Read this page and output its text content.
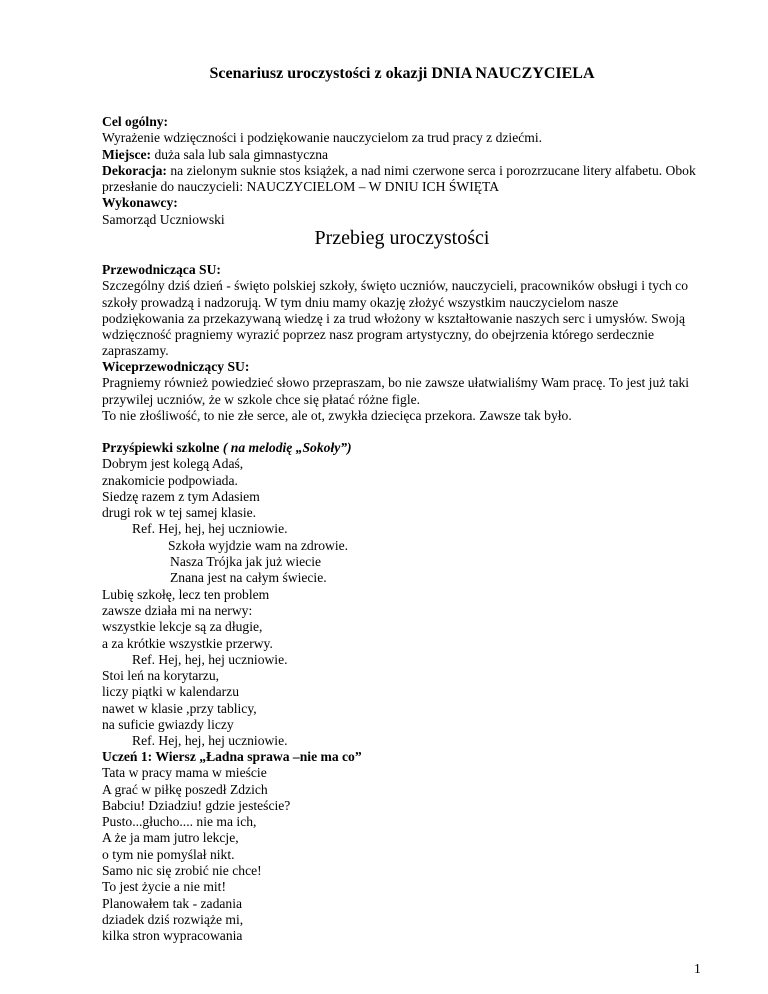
Scenariusz uroczystości z okazji DNIA NAUCZYCIELA
Cel ogólny:
Wyrażenie wdzięczności i podziękowanie nauczycielom za trud pracy z dziećmi.
Miejsce: duża sala lub sala gimnastyczna
Dekoracja: na zielonym suknie stos książek, a nad nimi czerwone serca i porozrzucane litery alfabetu. Obok
przesłanie do nauczycieli: NAUCZYCIELOM – W DNIU ICH ŚWIĘTA
Wykonawcy:
Samorząd Uczniowski
Przebieg uroczystości
Przewodnicząca SU:
Szczególny dziś dzień - święto polskiej szkoły, święto uczniów, nauczycieli, pracowników obsługi i tych co
szkoły prowadzą i nadzorują. W tym dniu mamy okazję złożyć wszystkim nauczycielom nasze
podziękowania za przekazywaną wiedzę i za trud włożony w kształtowanie naszych serc i umysłów. Swoją
wdzięczność pragniemy wyrazić poprzez nasz program artystyczny, do obejrzenia którego serdecznie
zapraszamy.
Wiceprzewodniczący SU:
Pragniemy również powiedzieć słowo przepraszam, bo nie zawsze ułatwialiśmy Wam pracę. To jest już taki
przywilej uczniów, że w szkole chce się płatać różne figle.
To nie złośliwość, to nie złe serce, ale ot, zwykła dziecięca przekora. Zawsze tak było.
Przyśpiewki szkolne ( na melodię „Sokoły”)
Dobrym jest kolegą Adaś,
znakomicie podpowiada.
Siedzę razem z tym Adasiem
drugi rok w tej samej klasie.
Ref. Hej, hej, hej uczniowie.
Szkoła wyjdzie wam na zdrowie.
Nasza Trójka jak już wiecie
Znana jest na całym świecie.
Lubię szkołę, lecz ten problem
zawsze działa mi na nerwy:
wszystkie lekcje są za długie,
a za krótkie wszystkie przerwy.
Ref. Hej, hej, hej uczniowie.
Stoi leń na korytarzu,
liczy piątki w kalendarzu
nawet w klasie ,przy tablicy,
na suficie gwiazdy liczy
Ref. Hej, hej, hej uczniowie.
Uczeń 1: Wiersz „Ładna sprawa –nie ma co”
Tata w pracy mama w mieście
A grać w piłkę poszedł Zdzich
Babciu! Dziadziu! gdzie jesteście?
Pusto...głucho.... nie ma ich,
A że ja mam jutro lekcje,
o tym nie pomyślał nikt.
Samo nic się zrobić nie chce!
To jest życie a nie mit!
Planowałem tak - zadania
dziadek dziś rozwiąże mi,
kilka stron wypracowania
1
